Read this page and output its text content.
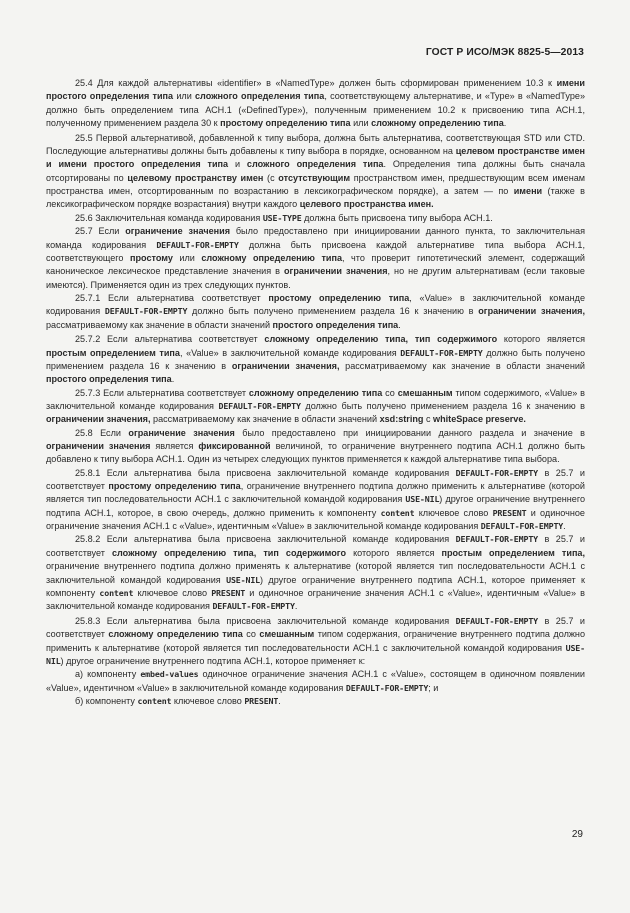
ГОСТ Р ИСО/МЭК 8825-5—2013

25.4 Для каждой альтернативы «identifier» в «NamedType» должен быть сформирован применением 10.3 к имени простого определения типа или сложного определения типа, соответствующему альтернативе, и «Type» в «NamedType» должно быть определением типа АСН.1 («DefinedType»), полученным применением 10.2 к присвоению типа АСН.1, полученному применением раздела 30 к простому определению типа или сложному определению типа.

25.5 Первой альтернативой, добавленной к типу выбора, должна быть альтернатива, соответствующая STD или CTD. Последующие альтернативы должны быть добавлены к типу выбора в порядке, основанном на целевом пространстве имен и имени простого определения типа и сложного определения типа. Определения типа должны быть сначала отсортированы по целевому пространству имен (с отсутствующим пространством имен, предшествующим всем именам пространства имен, отсортированным по возрастанию в лексикографическом порядке), а затем — по имени (также в лексикографическом порядке возрастания) внутри каждого целевого пространства имен.

25.6 Заключительная команда кодирования USE-TYPE должна быть присвоена типу выбора АСН.1.

25.7 Если ограничение значения было предоставлено при инициировании данного пункта, то заключительная команда кодирования DEFAULT-FOR-EMPTY должна быть присвоена каждой альтернативе типа выбора АСН.1, соответствующего простому или сложному определению типа, что проверит гипотетический элемент, содержащий каноническое лексическое представление значения в ограничении значения, но не другим альтернативам (если таковые имеются). Применяется один из трех следующих пунктов.

25.7.1 Если альтернатива соответствует простому определению типа, «Value» в заключительной команде кодирования DEFAULT-FOR-EMPTY должно быть получено применением раздела 16 к значению в ограничении значения, рассматриваемому как значение в области значений простого определения типа.

25.7.2 Если альтернатива соответствует сложному определению типа, тип содержимого которого является простым определением типа, «Value» в заключительной команде кодирования DEFAULT-FOR-EMPTY должно быть получено применением раздела 16 к значению в ограничении значения, рассматриваемому как значение в области значений простого определения типа.

25.7.3 Если альтернатива соответствует сложному определению типа со смешанным типом содержимого, «Value» в заключительной команде кодирования DEFAULT-FOR-EMPTY должно быть получено применением раздела 16 к значению в ограничении значения, рассматриваемому как значение в области значений xsd:string с whiteSpace preserve.

25.8 Если ограничение значения было предоставлено при инициировании данного раздела и значение в ограничении значения является фиксированной величиной, то ограничение внутреннего подтипа АСН.1 должно быть добавлено к типу выбора АСН.1. Один из четырех следующих пунктов применяется к каждой альтернативе типа выбора.

25.8.1 Если альтернатива была присвоена заключительной команде кодирования DEFAULT-FOR-EMPTY в 25.7 и соответствует простому определению типа, ограничение внутреннего подтипа должно применить к альтернативе (которой является тип последовательности АСН.1 с заключительной командой кодирования USE-NIL) другое ограничение внутреннего подтипа АСН.1, которое, в свою очередь, должно применить к компоненту content ключевое слово PRESENT и одиночное ограничение значения АСН.1 с «Value», идентичным «Value» в заключительной команде кодирования DEFAULT-FOR-EMPTY.

25.8.2 Если альтернатива была присвоена заключительной команде кодирования DEFAULT-FOR-EMPTY в 25.7 и соответствует сложному определению типа, тип содержимого которого является простым определением типа, ограничение внутреннего подтипа должно применять к альтернативе (которой является тип последовательности АСН.1 с заключительной командой кодирования USE-NIL) другое ограничение внутреннего подтипа АСН.1, которое применяет к компоненту content ключевое слово PRESENT и одиночное ограничение значения АСН.1 с «Value», идентичным «Value» в заключительной команде кодирования DEFAULT-FOR-EMPTY.

25.8.3 Если альтернатива была присвоена заключительной команде кодирования DEFAULT-FOR-EMPTY в 25.7 и соответствует сложному определению типа со смешанным типом содержания, ограничение внутреннего подтипа должно применить к альтернативе (которой является тип последовательности АСН.1 с заключительной командой кодирования USE-NIL) другое ограничение внутреннего подтипа АСН.1, которое применяет к:

а) компоненту embed-values одиночное ограничение значения АСН.1 с «Value», состоящем в одиночном появлении «Value», идентичном «Value» в заключительной команде кодирования DEFAULT-FOR-EMPTY; и

б) компоненту content ключевое слово PRESENT.

29
